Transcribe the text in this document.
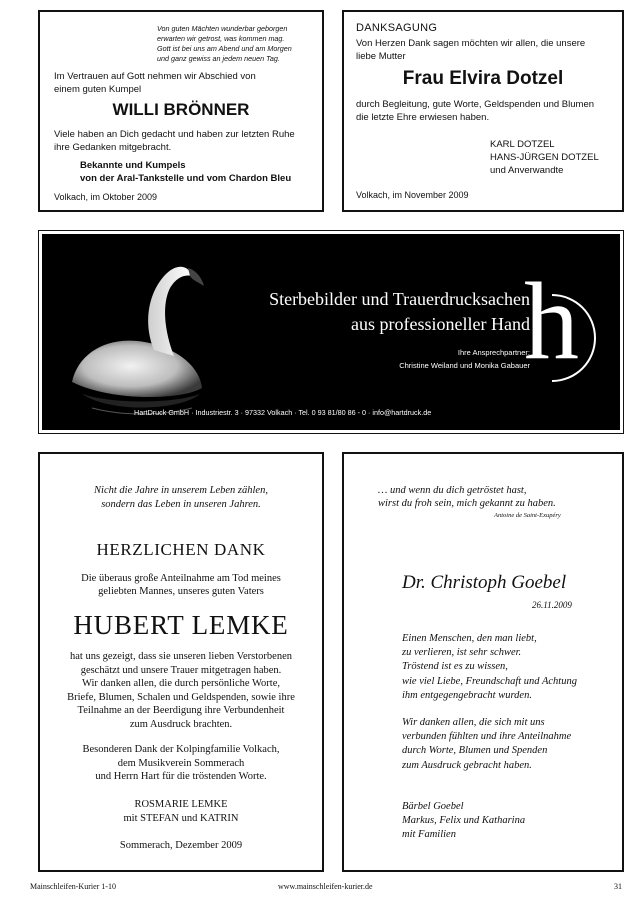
Von guten Mächten wunderbar geborgen
erwarten wir getrost, was kommen mag.
Gott ist bei uns am Abend und am Morgen
und ganz gewiss an jedem neuen Tag.
Im Vertrauen auf Gott nehmen wir Abschied von
einem guten Kumpel
WILLI BRÖNNER
Viele haben an Dich gedacht und haben zur letzten Ruhe
ihre Gedanken mitgebracht.
Bekannte und Kumpels
von der Aral-Tankstelle und vom Chardon Bleu
Volkach, im Oktober 2009
DANKSAGUNG
Von Herzen Dank sagen möchten wir allen, die unsere
liebe Mutter
Frau Elvira Dotzel
durch Begleitung, gute Worte, Geldspenden und Blumen
die letzte Ehre erwiesen haben.
KARL DOTZEL
HANS-JÜRGEN DOTZEL
und Anverwandte
Volkach, im November 2009
Sterbebilder und Trauerdrucksachen
aus professioneller Hand
Ihre Ansprechpartner:
Christine Weiland und Monika Gabauer
h
HartDruck GmbH · Industriestr. 3 · 97332 Volkach · Tel. 0 93 81/80 86 - 0 · info@hartdruck.de
Nicht die Jahre in unserem Leben zählen,
sondern das Leben in unseren Jahren.
HERZLICHEN DANK
Die überaus große Anteilnahme am Tod meines
geliebten Mannes, unseres guten Vaters
HUBERT LEMKE
hat uns gezeigt, dass sie unseren lieben Verstorbenen
geschätzt und unsere Trauer mitgetragen haben.
Wir danken allen, die durch persönliche Worte,
Briefe, Blumen, Schalen und Geldspenden, sowie ihre
Teilnahme an der Beerdigung ihre Verbundenheit
zum Ausdruck brachten.
Besonderen Dank der Kolpingfamilie Volkach,
dem Musikverein Sommerach
und Herrn Hart für die tröstenden Worte.
ROSMARIE LEMKE
mit STEFAN und KATRIN
Sommerach, Dezember 2009
… und wenn du dich getröstet hast,
wirst du froh sein, mich gekannt zu haben.
Antoine de Saint-Exupéry
Dr. Christoph Goebel
26.11.2009
Einen Menschen, den man liebt,
zu verlieren, ist sehr schwer.
Tröstend ist es zu wissen,
wie viel Liebe, Freundschaft und Achtung
ihm entgegengebracht wurden.
Wir danken allen, die sich mit uns
verbunden fühlten und ihre Anteilnahme
durch Worte, Blumen und Spenden
zum Ausdruck gebracht haben.
Bärbel Goebel
Markus, Felix und Katharina
mit Familien
Mainschleifen-Kurier 1-10	www.mainschleifen-kurier.de	31
